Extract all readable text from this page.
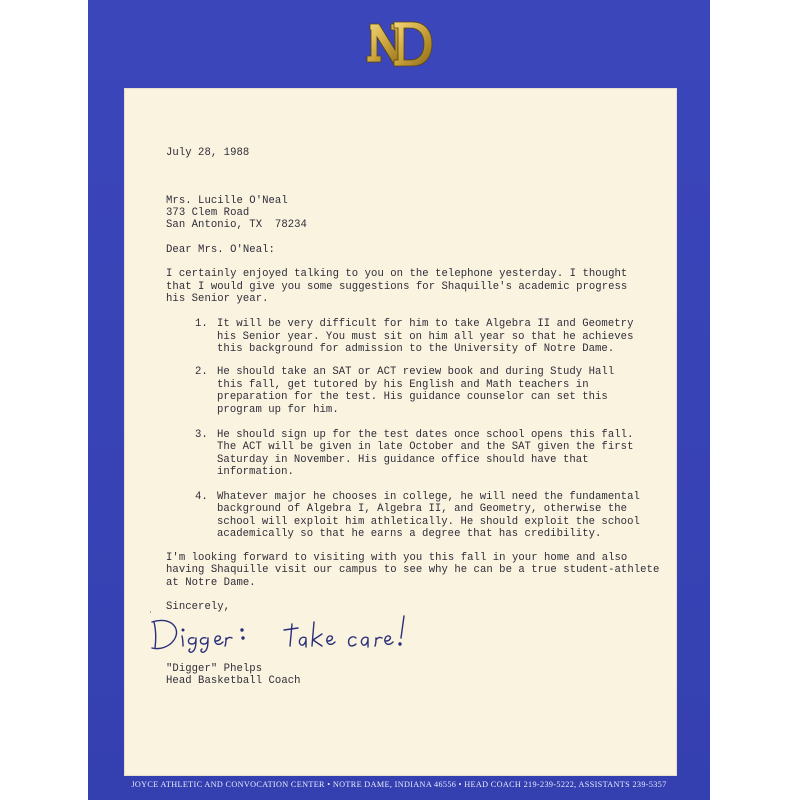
July 28, 1988

Mrs. Lucille O'Neal

373 Clem Road

San Antonio, TX  78234

Dear Mrs. O'Neal:

I certainly enjoyed talking to you on the telephone yesterday. I thought

that I would give you some suggestions for Shaquille's academic progress

his Senior year.

1. It will be very difficult for him to take Algebra II and Geometry

his Senior year. You must sit on him all year so that he achieves

this background for admission to the University of Notre Dame.

2. He should take an SAT or ACT review book and during Study Hall

this fall, get tutored by his English and Math teachers in

preparation for the test. His guidance counselor can set this

program up for him.

3. He should sign up for the test dates once school opens this fall.

The ACT will be given in late October and the SAT given the first

Saturday in November. His guidance office should have that

information.

4. Whatever major he chooses in college, he will need the fundamental

background of Algebra I, Algebra II, and Geometry, otherwise the

school will exploit him athletically. He should exploit the school

academically so that he earns a degree that has credibility.

I'm looking forward to visiting with you this fall in your home and also

having Shaquille visit our campus to see why he can be a true student-athlete

at Notre Dame.

Sincerely,

"Digger" Phelps

Head Basketball Coach

JOYCE ATHLETIC AND CONVOCATION CENTER • NOTRE DAME, INDIANA 46556 • HEAD COACH 219-239-5222, ASSISTANTS 239-5357
